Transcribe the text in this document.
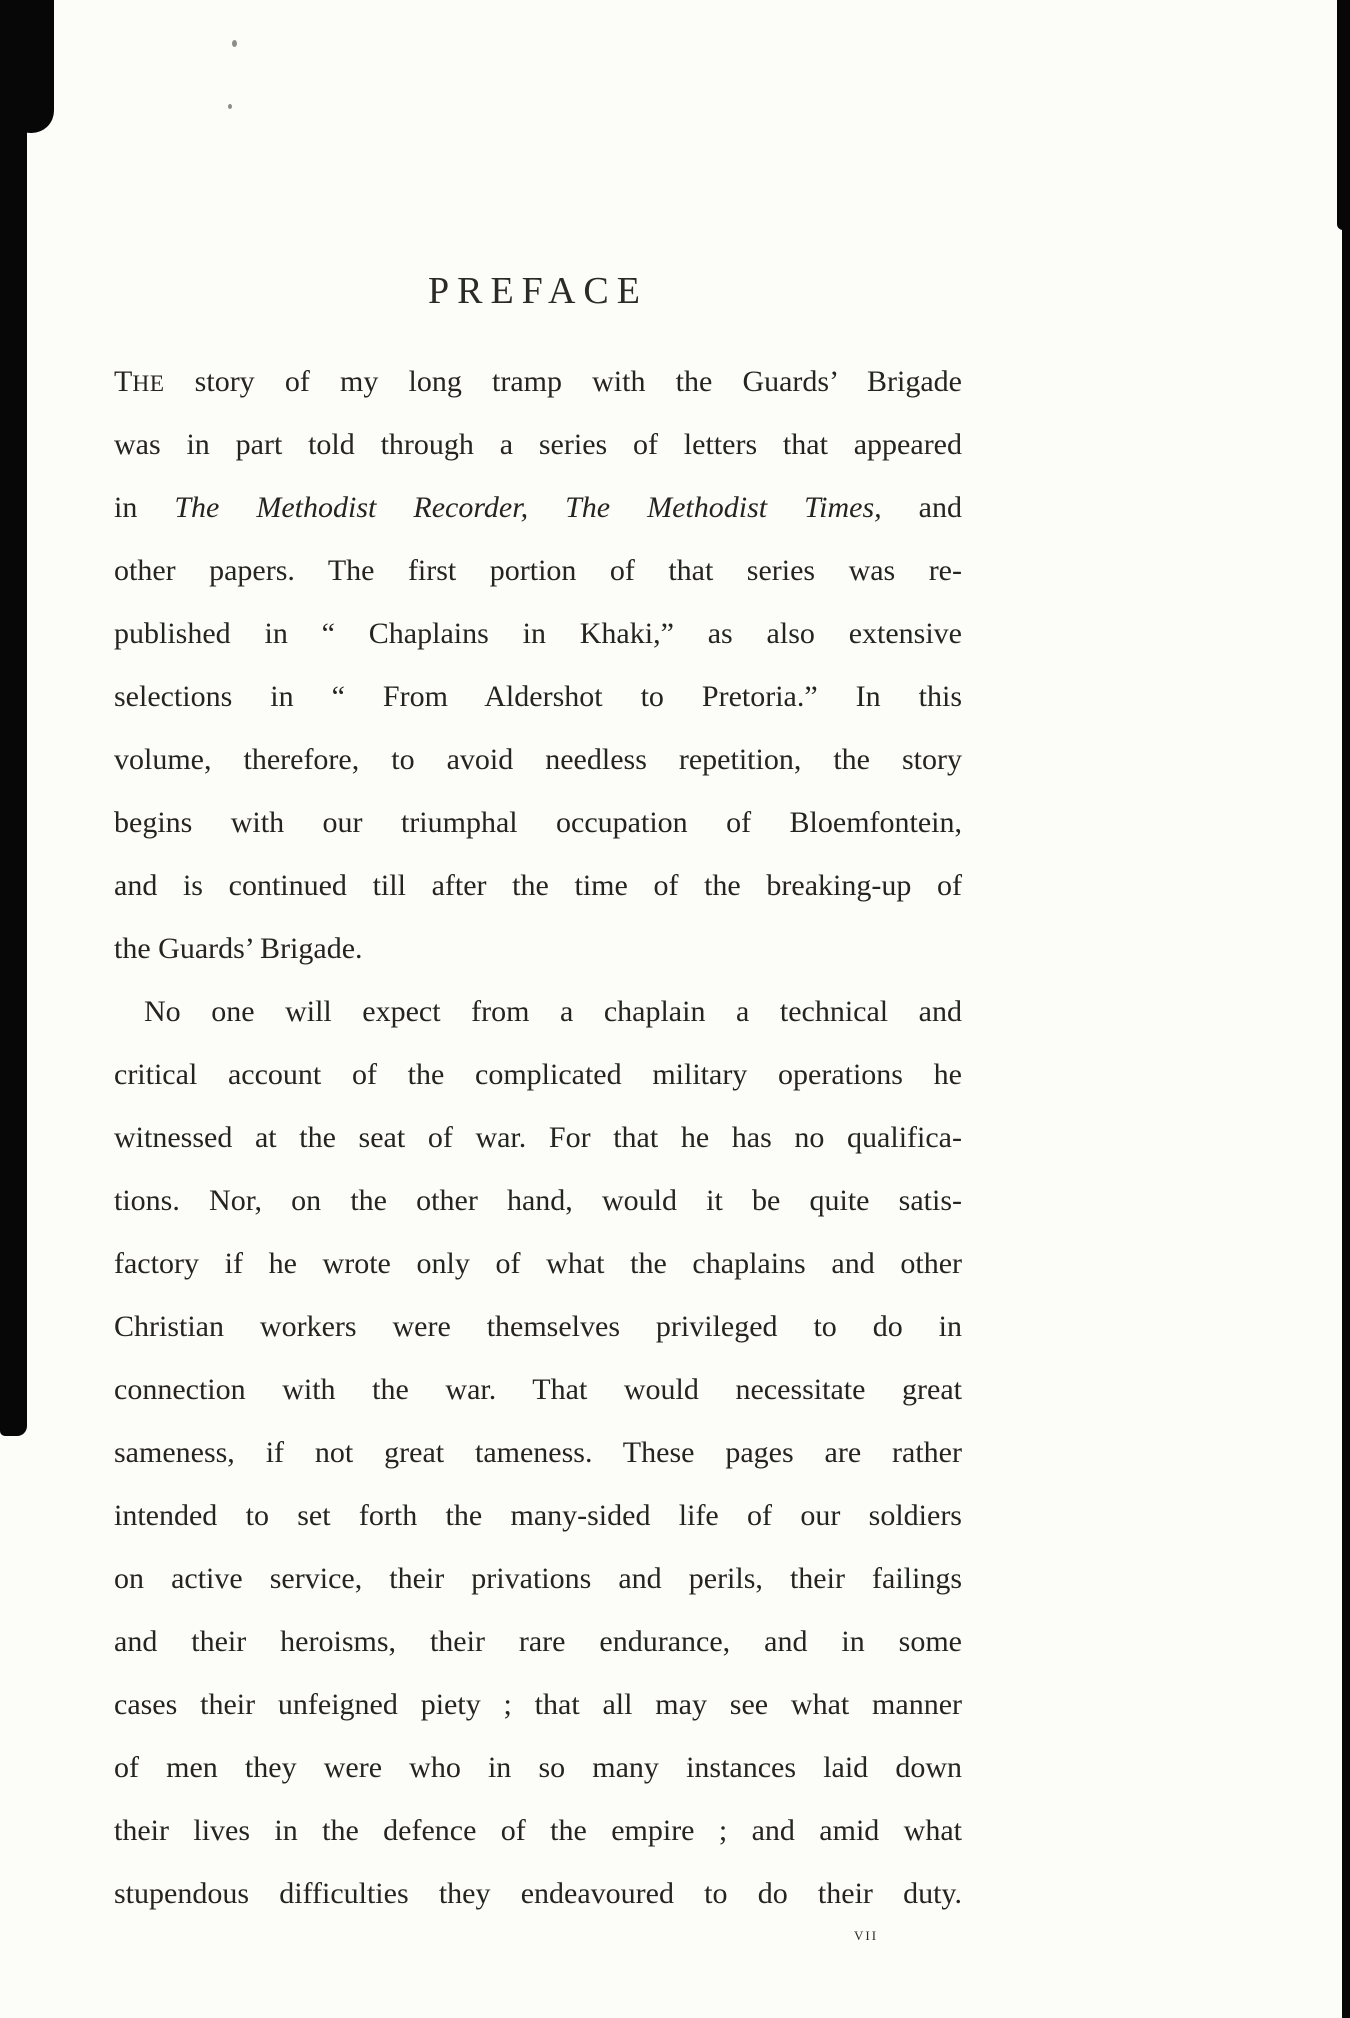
PREFACE
THE story of my long tramp with the Guards’ Brigade
was in part told through a series of letters that appeared
in The Methodist Recorder, The Methodist Times, and
other papers. The first portion of that series was re-
published in “ Chaplains in Khaki,” as also extensive
selections in “ From Aldershot to Pretoria.” In this
volume, therefore, to avoid needless repetition, the story
begins with our triumphal occupation of Bloemfontein,
and is continued till after the time of the breaking-up of
the Guards’ Brigade.
No one will expect from a chaplain a technical and
critical account of the complicated military operations he
witnessed at the seat of war. For that he has no qualifica-
tions. Nor, on the other hand, would it be quite satis-
factory if he wrote only of what the chaplains and other
Christian workers were themselves privileged to do in
connection with the war. That would necessitate great
sameness, if not great tameness. These pages are rather
intended to set forth the many-sided life of our soldiers
on active service, their privations and perils, their failings
and their heroisms, their rare endurance, and in some
cases their unfeigned piety ; that all may see what manner
of men they were who in so many instances laid down
their lives in the defence of the empire ; and amid what
stupendous difficulties they endeavoured to do their duty.
vii
